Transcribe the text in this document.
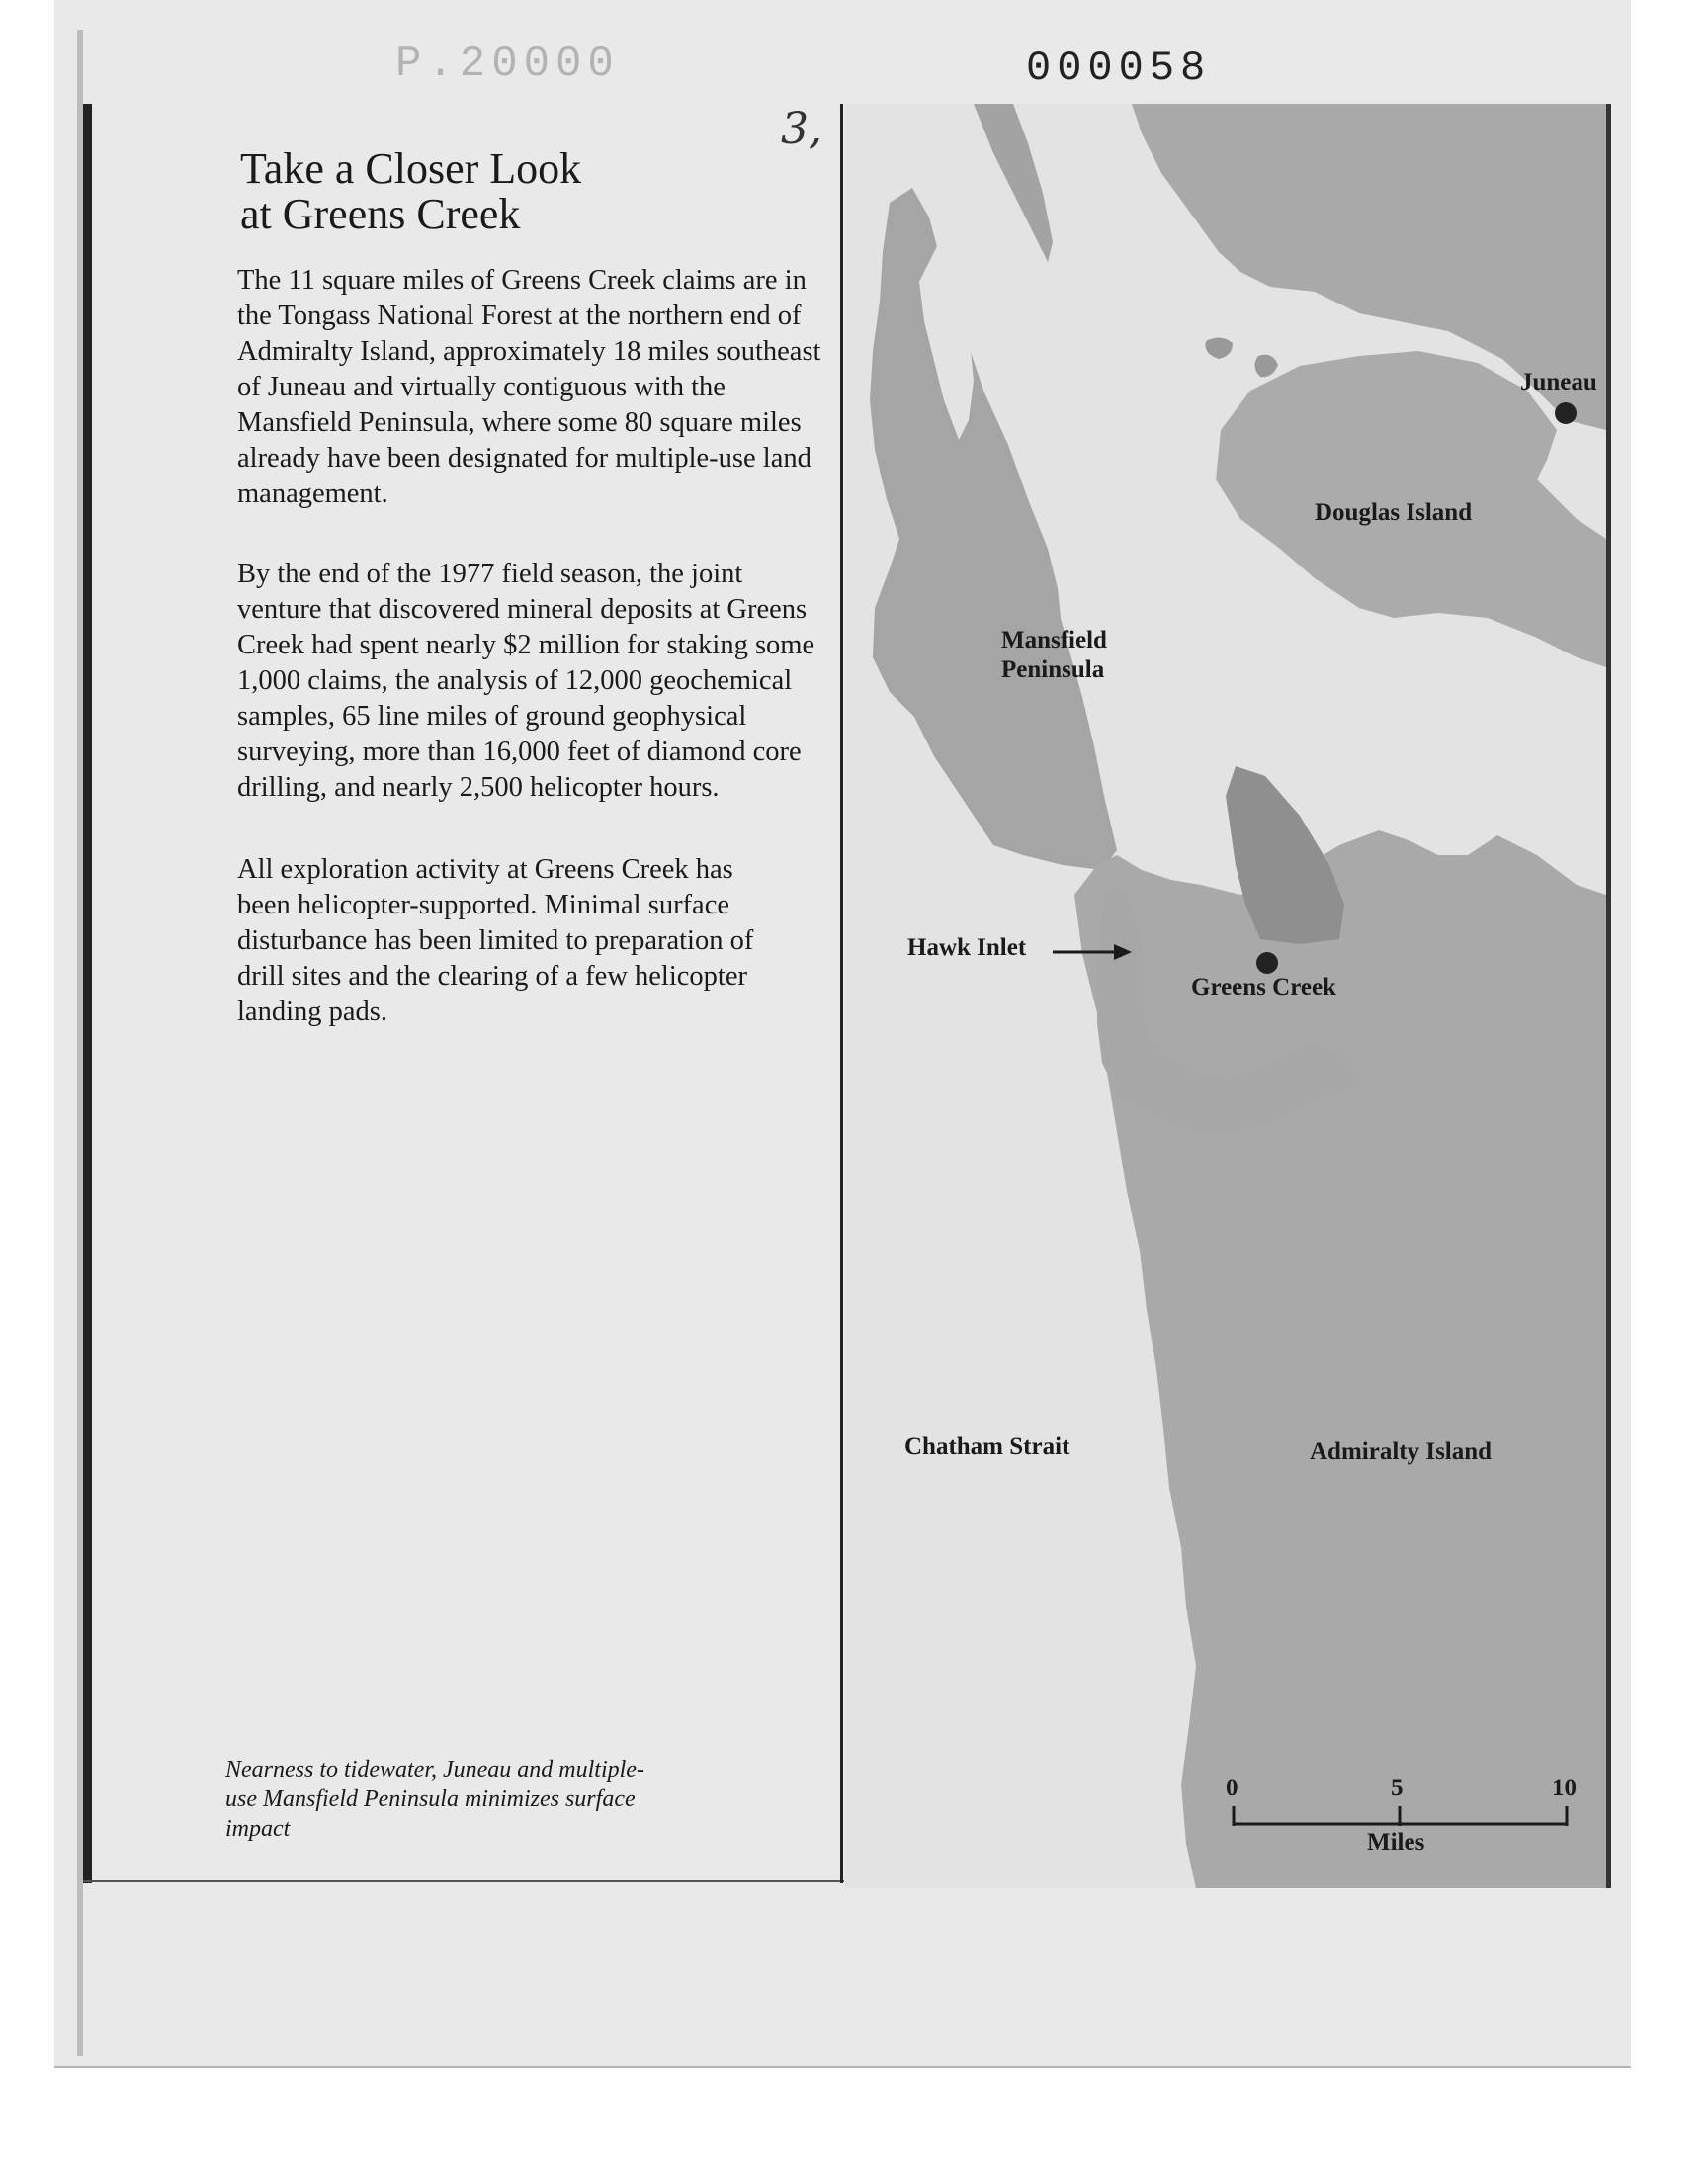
P.20000	000058
3,
Take a Closer Look
at Greens Creek

The 11 square miles of Greens Creek claims are in the Tongass National Forest at the northern end of Admiralty Island, approximately 18 miles southeast of Juneau and virtually contiguous with the Mansfield Peninsula, where some 80 square miles already have been designated for multiple-use land management.

By the end of the 1977 field season, the joint venture that discovered mineral deposits at Greens Creek had spent nearly $2 million for staking some 1,000 claims, the analysis of 12,000 geochemical samples, 65 line miles of ground geophysical surveying, more than 16,000 feet of diamond core drilling, and nearly 2,500 helicopter hours.

All exploration activity at Greens Creek has been helicopter-supported. Minimal surface disturbance has been limited to preparation of drill sites and the clearing of a few helicopter landing pads.

Nearness to tidewater, Juneau and multiple-use Mansfield Peninsula minimizes surface impact
Juneau
Douglas Island
Mansfield
Peninsula
Hawk Inlet
Greens Creek
Chatham Strait	Admiralty Island
0	5	10
Miles
